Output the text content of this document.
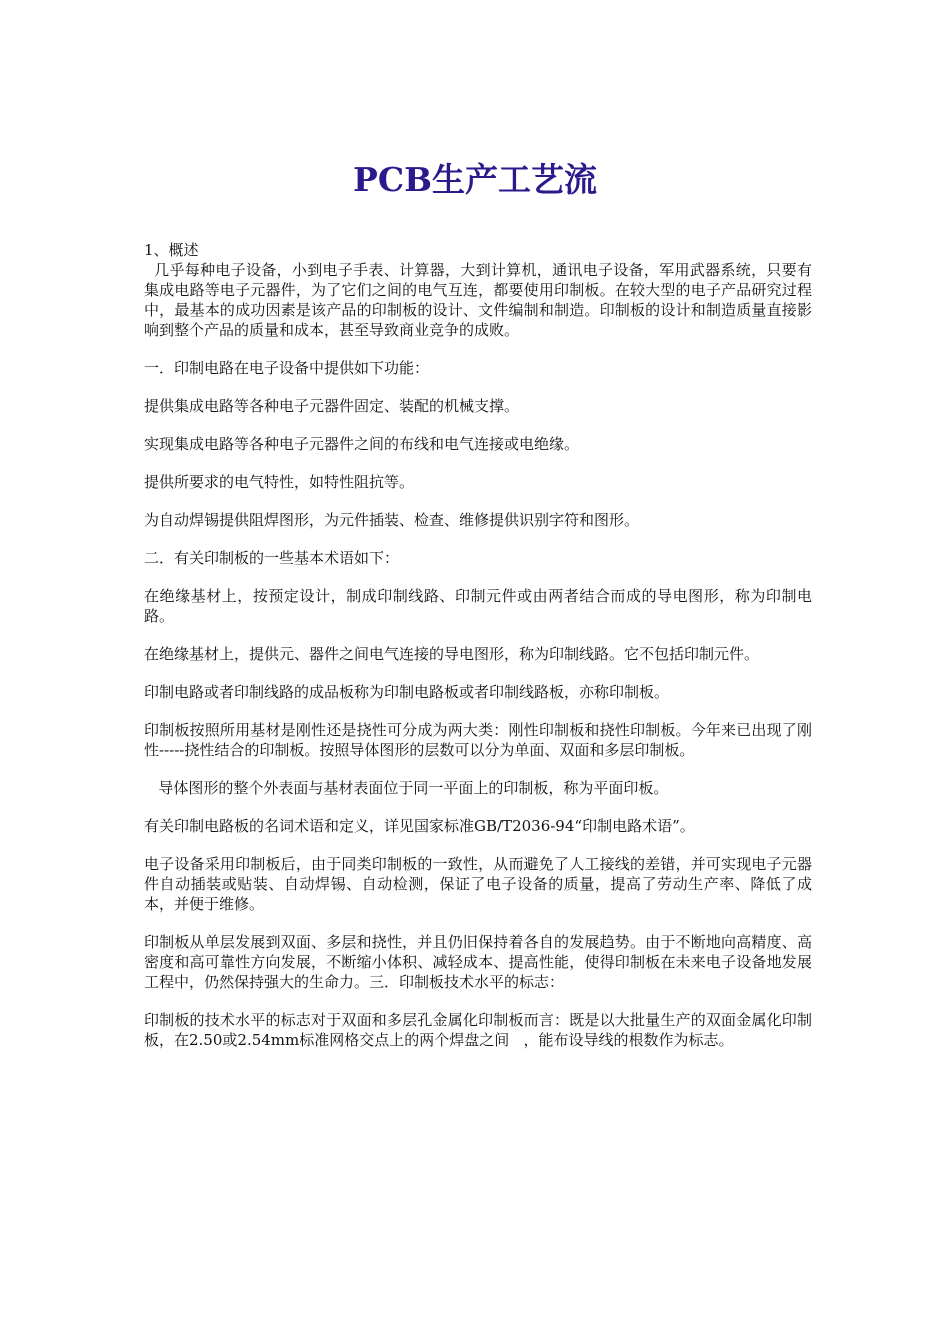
PCB生产工艺流

1、概述

几乎每种电子设备，小到电子手表、计算器，大到计算机，通讯电子设备，军用武器系统，只要有集成电路等电子元器件，为了它们之间的电气互连，都要使用印制板。在较大型的电子产品研究过程中，最基本的成功因素是该产品的印制板的设计、文件编制和制造。印制板的设计和制造质量直接影响到整个产品的质量和成本，甚至导致商业竞争的成败。

一．印制电路在电子设备中提供如下功能：

提供集成电路等各种电子元器件固定、装配的机械支撑。

实现集成电路等各种电子元器件之间的布线和电气连接或电绝缘。

提供所要求的电气特性，如特性阻抗等。

为自动焊锡提供阻焊图形，为元件插装、检查、维修提供识别字符和图形。

二．有关印制板的一些基本术语如下：

在绝缘基材上，按预定设计，制成印制线路、印制元件或由两者结合而成的导电图形，称为印制电路。

在绝缘基材上，提供元、器件之间电气连接的导电图形，称为印制线路。它不包括印制元件。

印制电路或者印制线路的成品板称为印制电路板或者印制线路板，亦称印制板。

印制板按照所用基材是刚性还是挠性可分成为两大类：刚性印制板和挠性印制板。今年来已出现了刚性-----挠性结合的印制板。按照导体图形的层数可以分为单面、双面和多层印制板。

导体图形的整个外表面与基材表面位于同一平面上的印制板，称为平面印板。

有关印制电路板的名词术语和定义，详见国家标准GB/T2036-94“印制电路术语”。

电子设备采用印制板后，由于同类印制板的一致性，从而避免了人工接线的差错，并可实现电子元器件自动插装或贴装、自动焊锡、自动检测，保证了电子设备的质量，提高了劳动生产率、降低了成本，并便于维修。

印制板从单层发展到双面、多层和挠性，并且仍旧保持着各自的发展趋势。由于不断地向高精度、高密度和高可靠性方向发展，不断缩小体积、减轻成本、提高性能，使得印制板在未来电子设备地发展工程中，仍然保持强大的生命力。三．印制板技术水平的标志：

印制板的技术水平的标志对于双面和多层孔金属化印制板而言：既是以大批量生产的双面金属化印制板，在2.50或2.54mm标准网格交点上的两个焊盘之间   ，能布设导线的根数作为标志。
